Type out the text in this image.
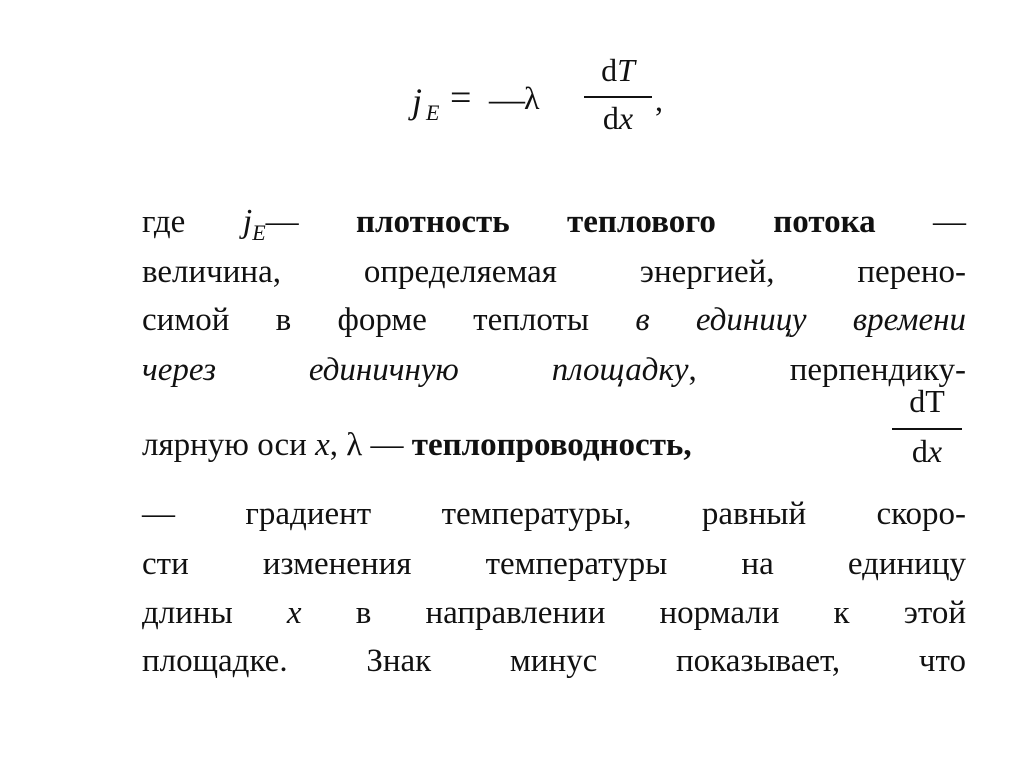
j E = — λ
dT
dx ,
где $j_E—$ плотность теплового потока —
величина, определяемая энергией, перено-
симой в форме теплоты в единицу времени
через единичную площадку, перпендику-
лярную оси x, λ — теплопроводность,
dT
dx
— градиент температуры, равный скоро-
сти изменения температуры на единицу
длины x в направлении нормали к этой
площадке. Знак минус показывает, что
